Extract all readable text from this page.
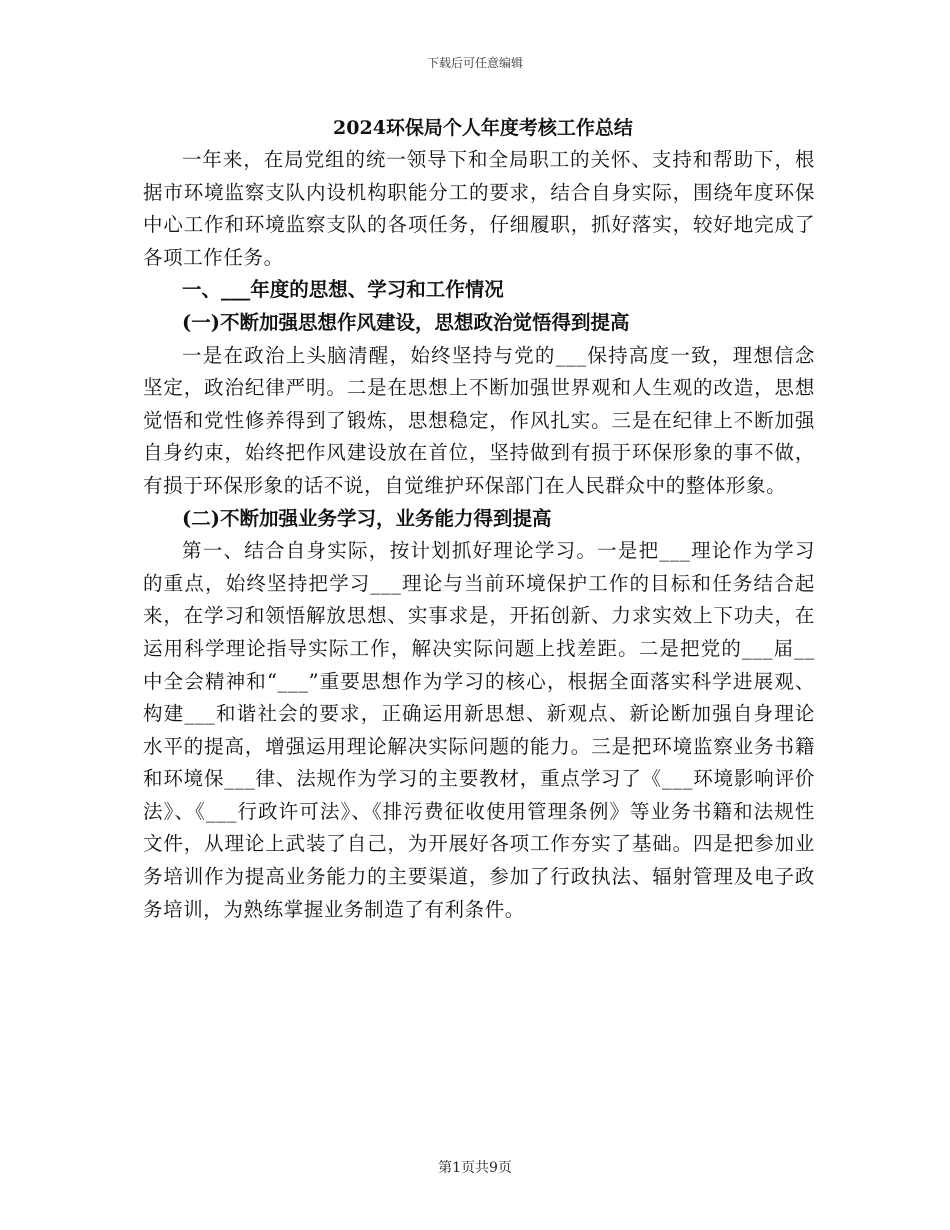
下载后可任意编辑
2024环保局个人年度考核工作总结

一年来，在局党组的统一领导下和全局职工的关怀、支持和帮助下，根据市环境监察支队内设机构职能分工的要求，结合自身实际，围绕年度环保中心工作和环境监察支队的各项任务，仔细履职，抓好落实，较好地完成了各项工作任务。

一、___年度的思想、学习和工作情况
(一)不断加强思想作风建设，思想政治觉悟得到提高

一是在政治上头脑清醒，始终坚持与党的___保持高度一致，理想信念坚定，政治纪律严明。二是在思想上不断加强世界观和人生观的改造，思想觉悟和党性修养得到了锻炼，思想稳定，作风扎实。三是在纪律上不断加强自身约束，始终把作风建设放在首位，坚持做到有损于环保形象的事不做，有损于环保形象的话不说，自觉维护环保部门在人民群众中的整体形象。

(二)不断加强业务学习，业务能力得到提高

第一、结合自身实际，按计划抓好理论学习。一是把___理论作为学习的重点，始终坚持把学习___理论与当前环境保护工作的目标和任务结合起来，在学习和领悟解放思想、实事求是，开拓创新、力求实效上下功夫，在运用科学理论指导实际工作，解决实际问题上找差距。二是把党的___届__中全会精神和“___”重要思想作为学习的核心，根据全面落实科学进展观、构建___和谐社会的要求，正确运用新思想、新观点、新论断加强自身理论水平的提高，增强运用理论解决实际问题的能力。三是把环境监察业务书籍和环境保___律、法规作为学习的主要教材，重点学习了《___环境影响评价法》、《___行政许可法》、《排污费征收使用管理条例》等业务书籍和法规性文件，从理论上武装了自己，为开展好各项工作夯实了基础。四是把参加业务培训作为提高业务能力的主要渠道，参加了行政执法、辐射管理及电子政务培训，为熟练掌握业务制造了有利条件。

第1页共9页
